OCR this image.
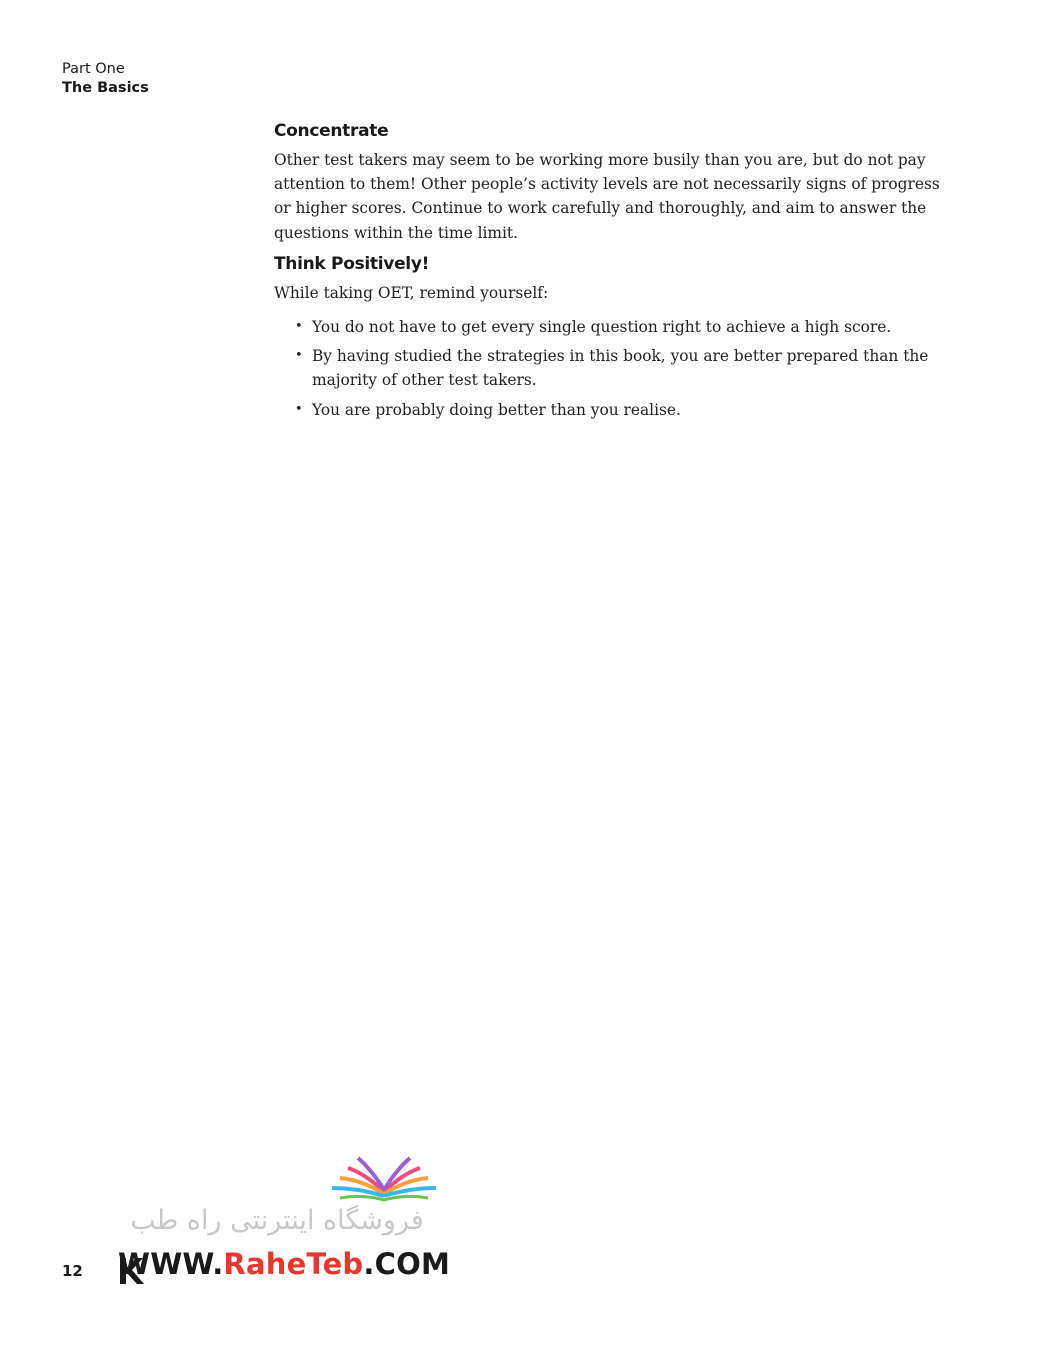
Part One
The Basics
Concentrate

Other test takers may seem to be working more busily than you are, but do not pay attention to them! Other people’s activity levels are not necessarily signs of progress or higher scores. Continue to work carefully and thoroughly, and aim to answer the questions within the time limit.

Think Positively!

While taking OET, remind yourself:

• You do not have to get every single question right to achieve a high score.
• By having studied the strategies in this book, you are better prepared than the majority of other test takers.
• You are probably doing better than you realise.
12
فروشگاه اینترنتی راه طب
WWW.RaheTeb.COM
